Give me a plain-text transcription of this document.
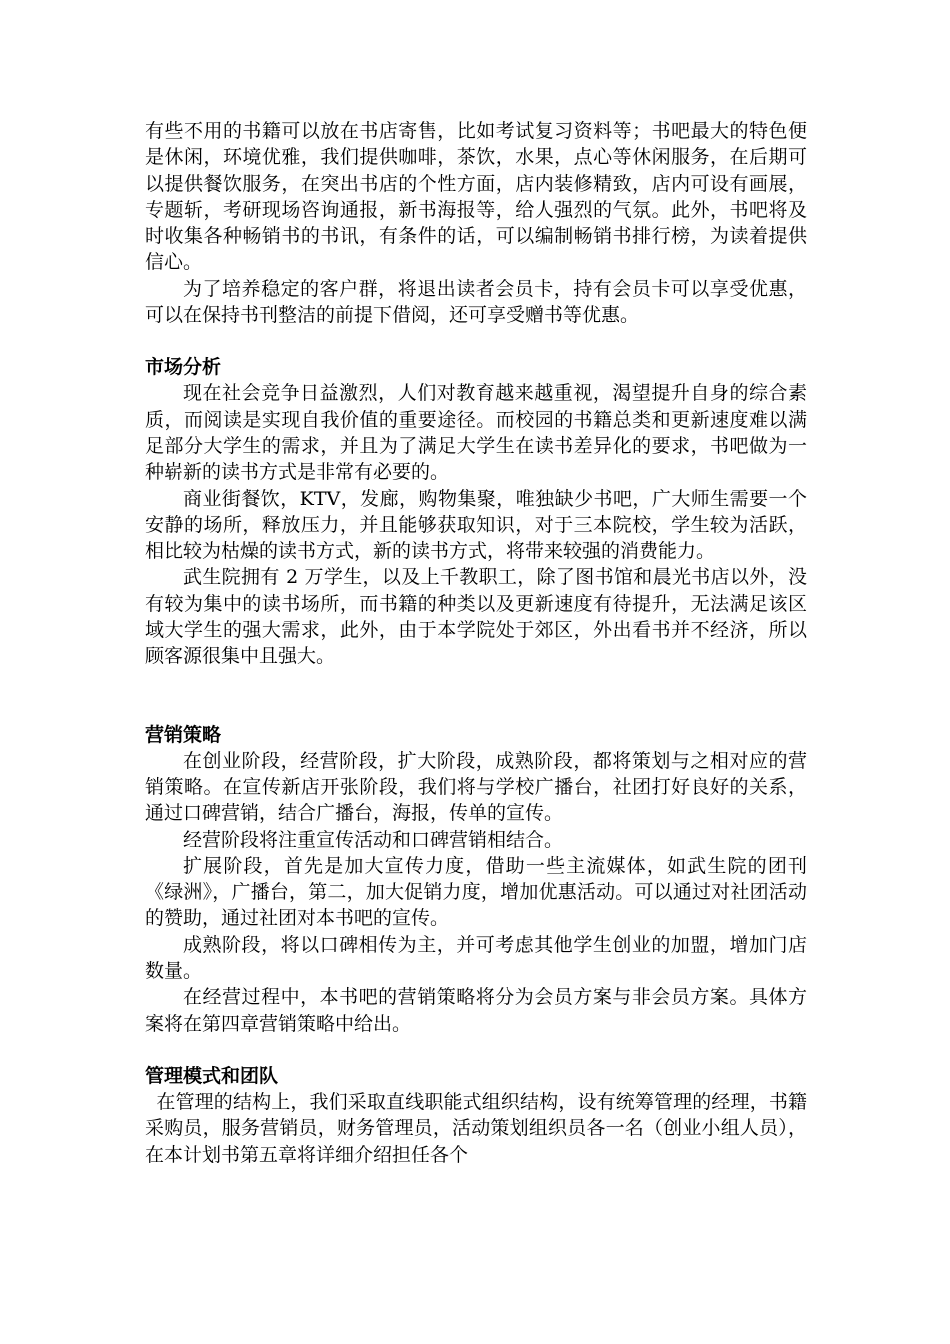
有些不用的书籍可以放在书店寄售，比如考试复习资料等；书吧最大的特色便是休闲，环境优雅，我们提供咖啡，茶饮，水果，点心等休闲服务，在后期可以提供餐饮服务，在突出书店的个性方面，店内装修精致，店内可设有画展，专题斩，考研现场咨询通报，新书海报等，给人强烈的气氛。此外，书吧将及时收集各种畅销书的书讯，有条件的话，可以编制畅销书排行榜，为读着提供信心。

为了培养稳定的客户群，将退出读者会员卡，持有会员卡可以享受优惠，可以在保持书刊整洁的前提下借阅，还可享受赠书等优惠。

市场分析

现在社会竞争日益激烈，人们对教育越来越重视，渴望提升自身的综合素质，而阅读是实现自我价值的重要途径。而校园的书籍总类和更新速度难以满足部分大学生的需求，并且为了满足大学生在读书差异化的要求，书吧做为一种崭新的读书方式是非常有必要的。

商业街餐饮，KTV，发廊，购物集聚，唯独缺少书吧，广大师生需要一个安静的场所，释放压力，并且能够获取知识，对于三本院校，学生较为活跃，相比较为枯燥的读书方式，新的读书方式，将带来较强的消费能力。

武生院拥有 2 万学生，以及上千教职工，除了图书馆和晨光书店以外，没有较为集中的读书场所，而书籍的种类以及更新速度有待提升，无法满足该区域大学生的强大需求，此外，由于本学院处于郊区，外出看书并不经济，所以顾客源很集中且强大。

营销策略

在创业阶段，经营阶段，扩大阶段，成熟阶段，都将策划与之相对应的营销策略。在宣传新店开张阶段，我们将与学校广播台，社团打好良好的关系，通过口碑营销，结合广播台，海报，传单的宣传。

经营阶段将注重宣传活动和口碑营销相结合。

扩展阶段，首先是加大宣传力度，借助一些主流媒体，如武生院的团刊《绿洲》，广播台，第二，加大促销力度，增加优惠活动。可以通过对社团活动的赞助，通过社团对本书吧的宣传。

成熟阶段，将以口碑相传为主，并可考虑其他学生创业的加盟，增加门店数量。

在经营过程中，本书吧的营销策略将分为会员方案与非会员方案。具体方案将在第四章营销策略中给出。

管理模式和团队

在管理的结构上，我们采取直线职能式组织结构，设有统筹管理的经理，书籍采购员，服务营销员，财务管理员，活动策划组织员各一名（创业小组人员），在本计划书第五章将详细介绍担任各个
